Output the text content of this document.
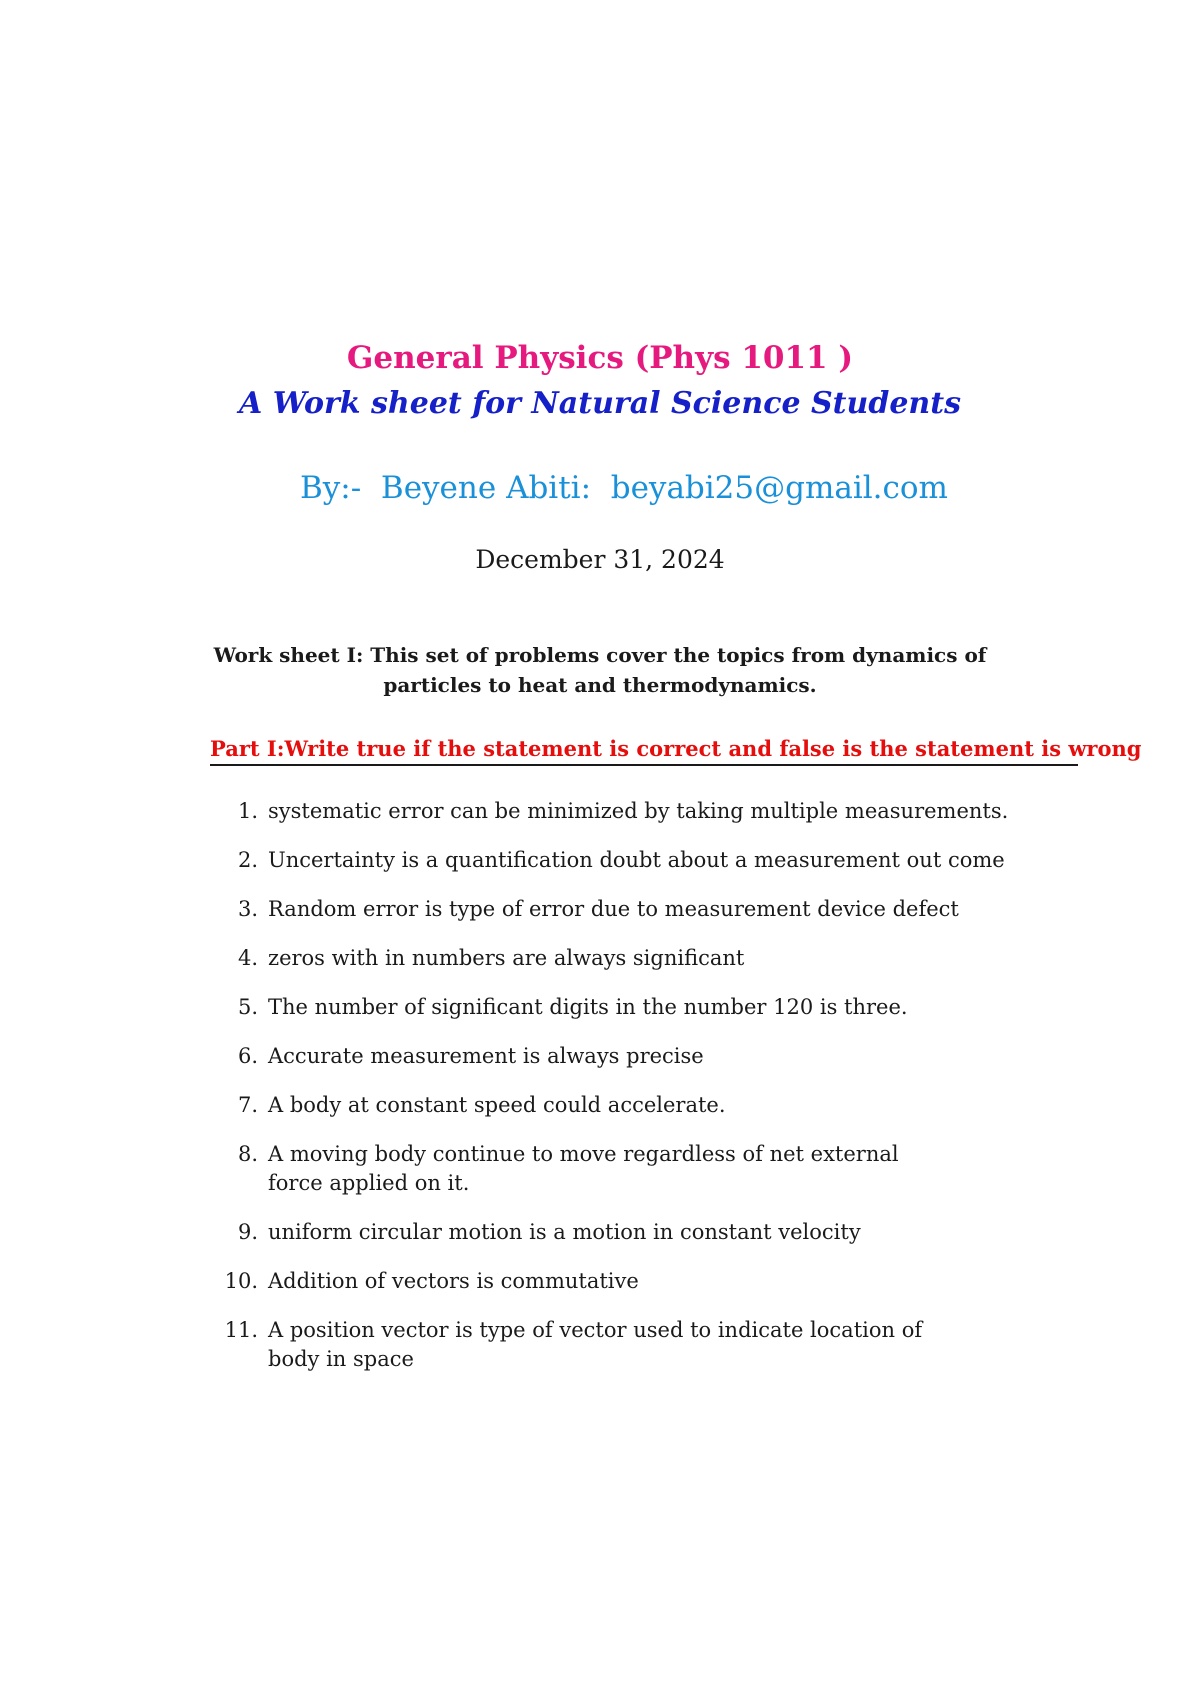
General Physics (Phys 1011 )
A Work sheet for Natural Science Students
By:-  Beyene Abiti:  beyabi25@gmail.com
December 31, 2024
Work sheet I: This set of problems cover the topics from dynamics of particles to heat and thermodynamics.
Part I:Write true if the statement is correct and false is the statement is wrong
1. systematic error can be minimized by taking multiple measurements.
2. Uncertainty is a quantification doubt about a measurement out come
3. Random error is type of error due to measurement device defect
4. zeros with in numbers are always significant
5. The number of significant digits in the number 120 is three.
6. Accurate measurement is always precise
7. A body at constant speed could accelerate.
8. A moving body continue to move regardless of net external force applied on it.
9. uniform circular motion is a motion in constant velocity
10. Addition of vectors is commutative
11. A position vector is type of vector used to indicate location of body in space
